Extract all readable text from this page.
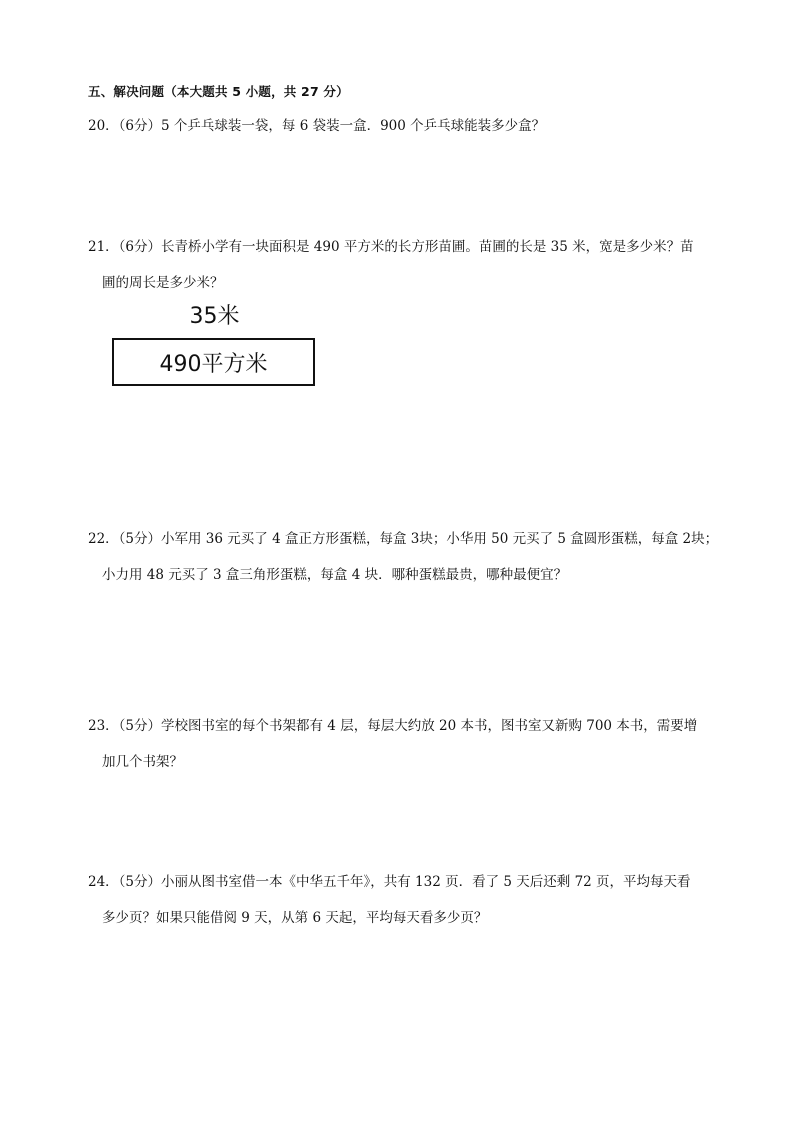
五、解决问题（本大题共 5 小题，共 27 分）
20．（6分）5 个乒乓球装一袋，每 6 袋装一盒．900 个乒乓球能装多少盒？
21．（6分）长青桥小学有一块面积是 490 平方米的长方形苗圃。苗圃的长是 35 米，宽是多少米？苗
圃的周长是多少米？
35米
490平方米
22．（5分）小军用 36 元买了 4 盒正方形蛋糕，每盒 3块；小华用 50 元买了 5 盒圆形蛋糕，每盒 2块；
小力用 48 元买了 3 盒三角形蛋糕，每盒 4 块．哪种蛋糕最贵，哪种最便宜？
23．（5分）学校图书室的每个书架都有 4 层，每层大约放 20 本书，图书室又新购 700 本书，需要增
加几个书架？
24．（5分）小丽从图书室借一本《中华五千年》，共有 132 页．看了 5 天后还剩 72 页，平均每天看
多少页？如果只能借阅 9 天，从第 6 天起，平均每天看多少页？
